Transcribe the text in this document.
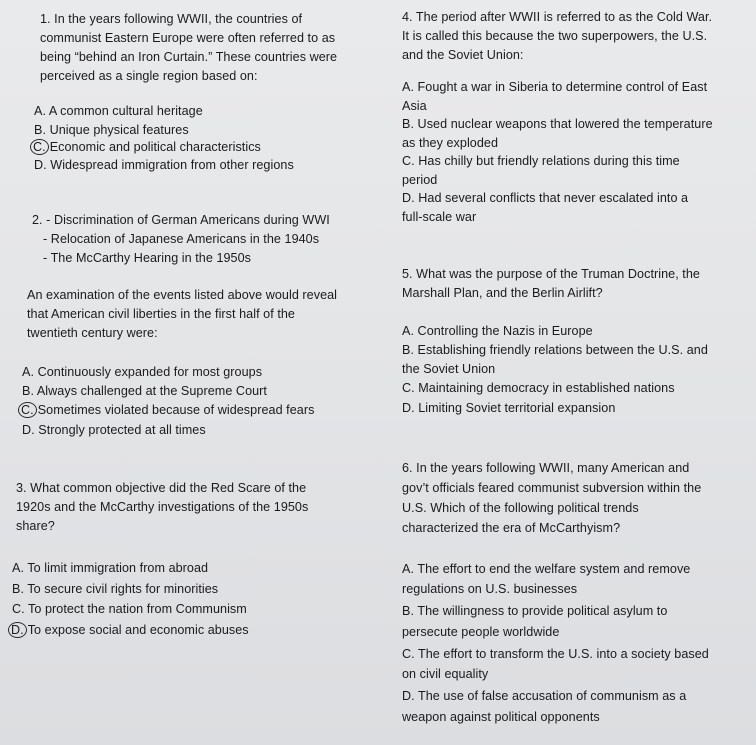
1. In the years following WWII, the countries of
communist Eastern Europe were often referred to as
being “behind an Iron Curtain.” These countries were
perceived as a single region based on:
A. A common cultural heritage
B. Unique physical features
C. Economic and political characteristics
D. Widespread immigration from other regions
2. - Discrimination of German Americans during WWI
- Relocation of Japanese Americans in the 1940s
- The McCarthy Hearing in the 1950s
An examination of the events listed above would reveal
that American civil liberties in the first half of the
twentieth century were:
A. Continuously expanded for most groups
B. Always challenged at the Supreme Court
C. Sometimes violated because of widespread fears
D. Strongly protected at all times
3. What common objective did the Red Scare of the
1920s and the McCarthy investigations of the 1950s
share?
A. To limit immigration from abroad
B. To secure civil rights for minorities
C. To protect the nation from Communism
D. To expose social and economic abuses
4. The period after WWII is referred to as the Cold War.
It is called this because the two superpowers, the U.S.
and the Soviet Union:
A. Fought a war in Siberia to determine control of East
Asia
B. Used nuclear weapons that lowered the temperature
as they exploded
C. Has chilly but friendly relations during this time
period
D. Had several conflicts that never escalated into a
full-scale war
5. What was the purpose of the Truman Doctrine, the
Marshall Plan, and the Berlin Airlift?
A. Controlling the Nazis in Europe
B. Establishing friendly relations between the U.S. and
the Soviet Union
C. Maintaining democracy in established nations
D. Limiting Soviet territorial expansion
6. In the years following WWII, many American and
gov’t officials feared communist subversion within the
U.S. Which of the following political trends
characterized the era of McCarthyism?
A. The effort to end the welfare system and remove
regulations on U.S. businesses
B. The willingness to provide political asylum to
persecute people worldwide
C. The effort to transform the U.S. into a society based
on civil equality
D. The use of false accusation of communism as a
weapon against political opponents
